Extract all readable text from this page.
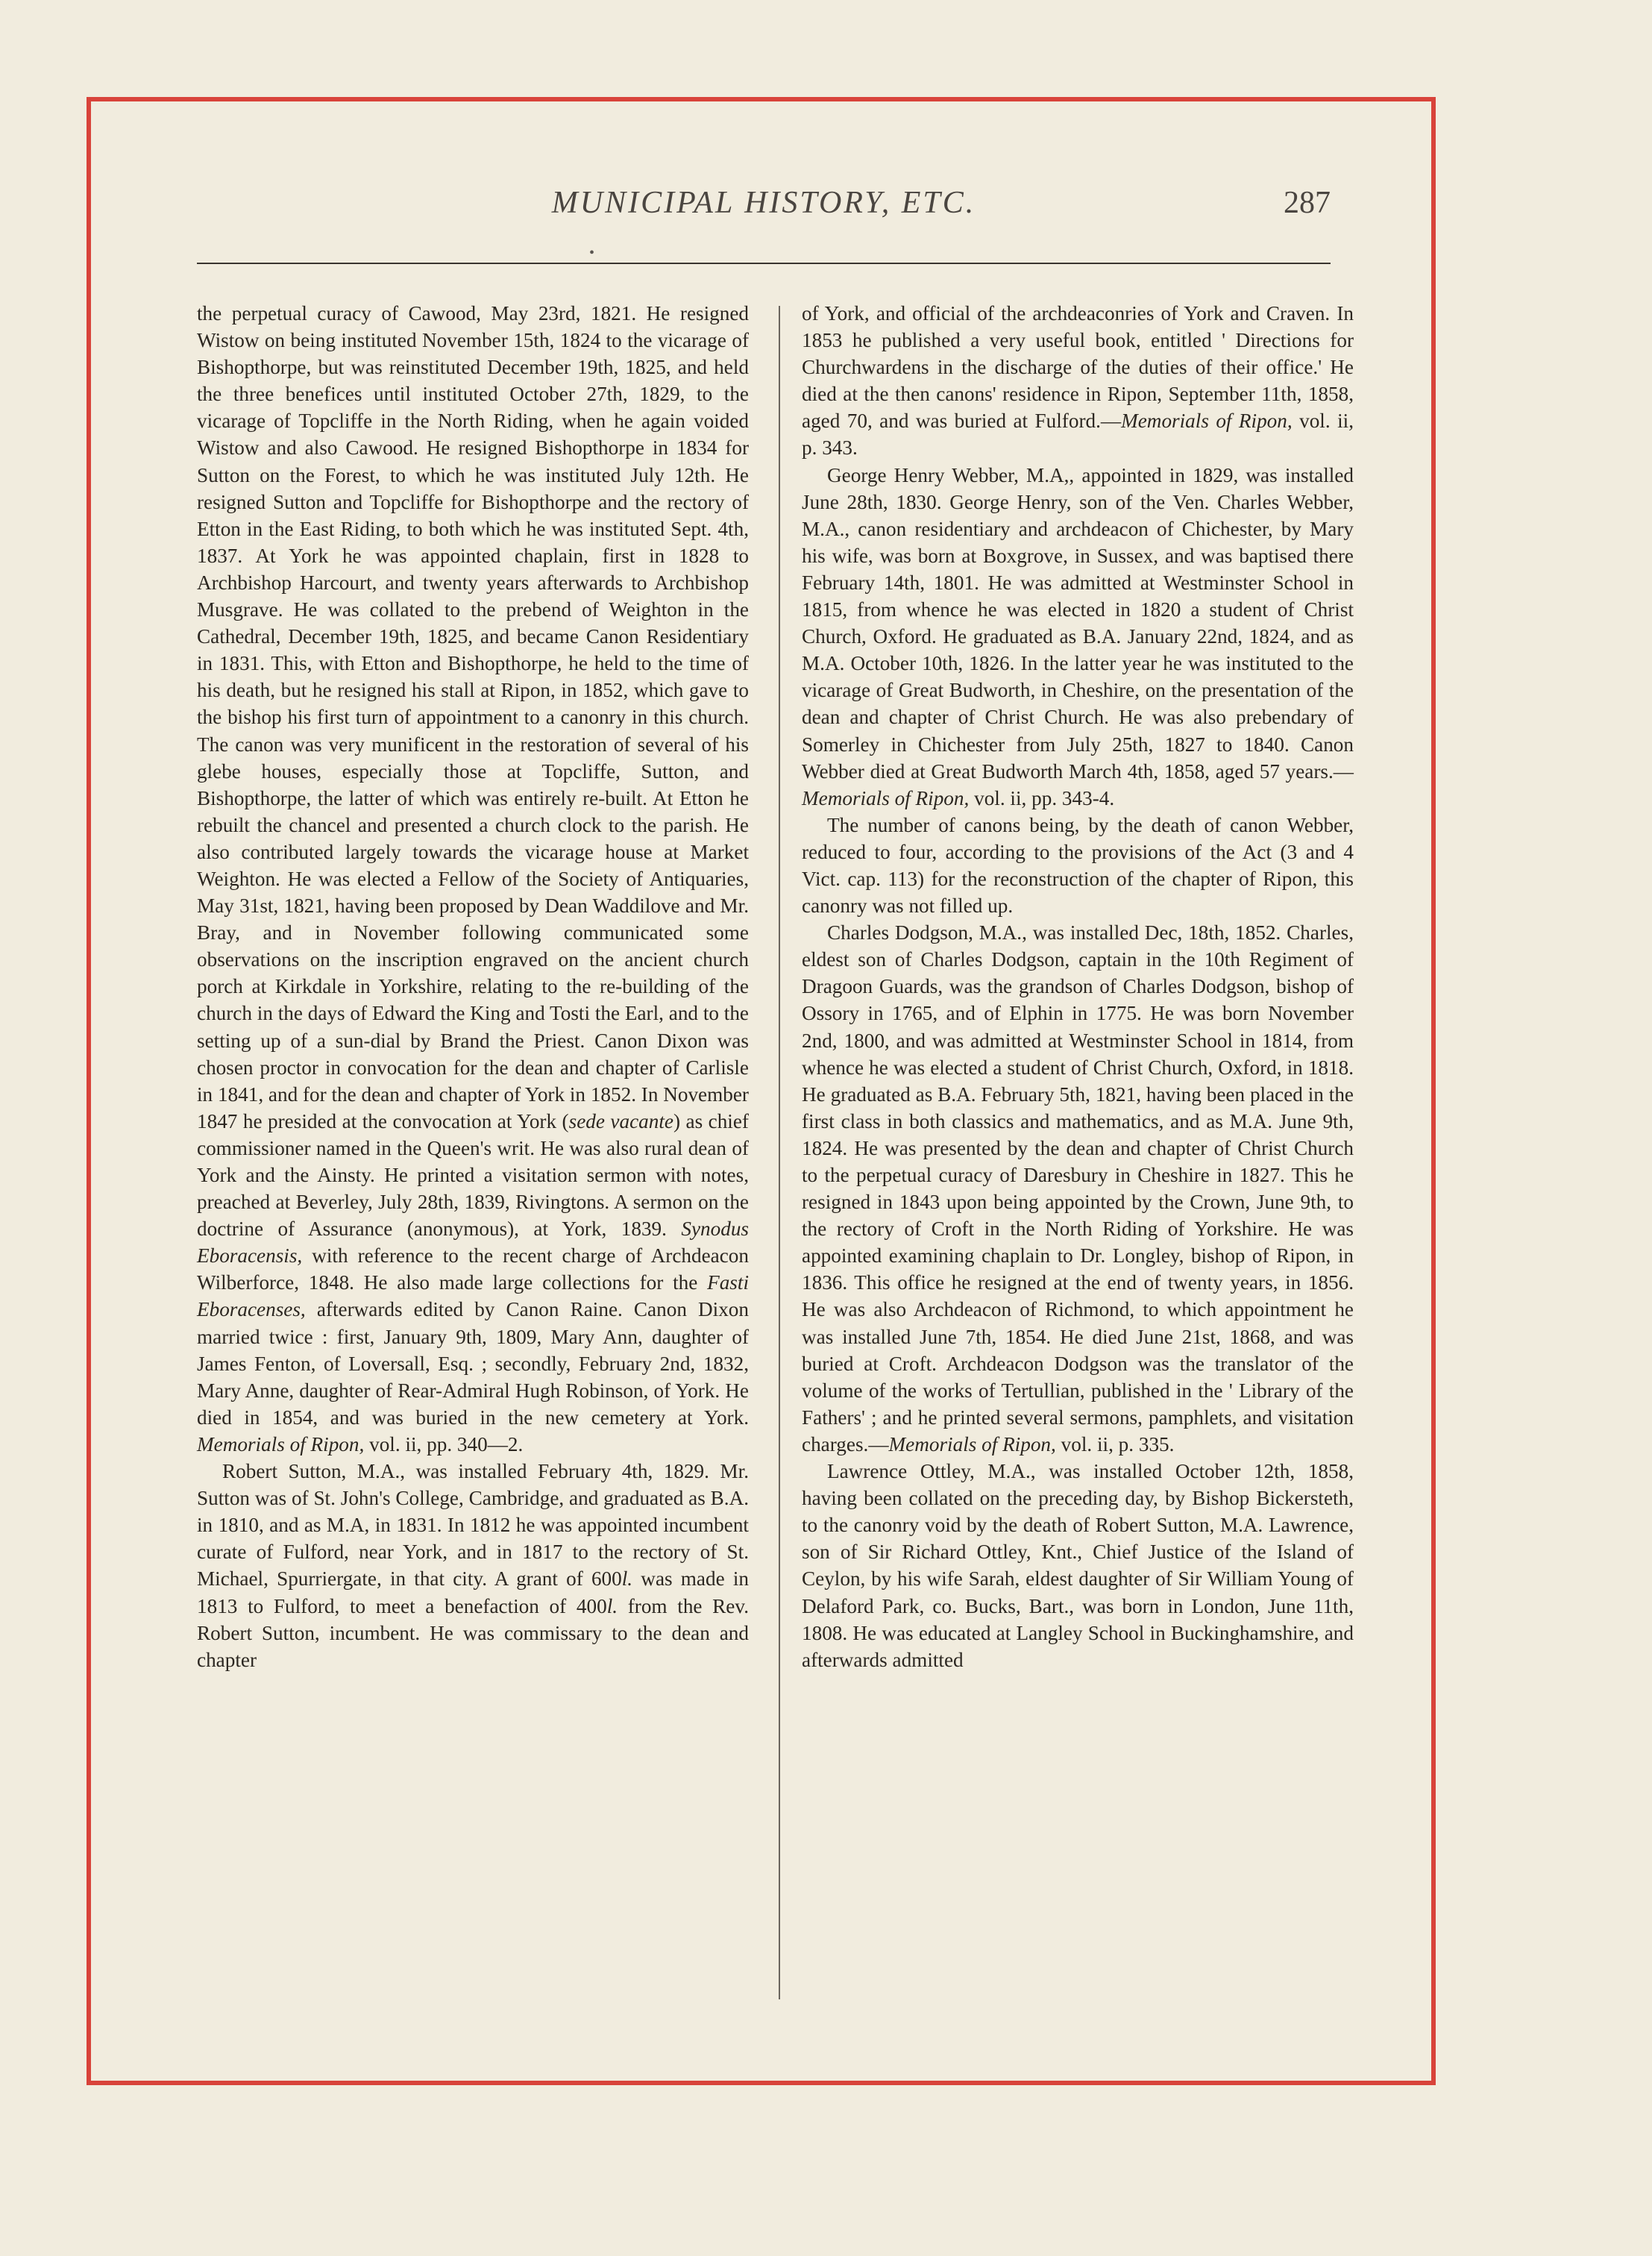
MUNICIPAL HISTORY, ETC.	287
•

the perpetual curacy of Cawood, May 23rd, 1821. He resigned Wistow on being instituted November 15th, 1824 to the vicarage of Bishopthorpe, but was reinstituted December 19th, 1825, and held the three benefices until instituted October 27th, 1829, to the vicarage of Topcliffe in the North Riding, when he again voided Wistow and also Cawood. He resigned Bishopthorpe in 1834 for Sutton on the Forest, to which he was instituted July 12th. He resigned Sutton and Topcliffe for Bishopthorpe and the rectory of Etton in the East Riding, to both which he was instituted Sept. 4th, 1837. At York he was appointed chaplain, first in 1828 to Archbishop Harcourt, and twenty years afterwards to Archbishop Musgrave. He was collated to the prebend of Weighton in the Cathedral, December 19th, 1825, and became Canon Residentiary in 1831. This, with Etton and Bishopthorpe, he held to the time of his death, but he resigned his stall at Ripon, in 1852, which gave to the bishop his first turn of appointment to a canonry in this church. The canon was very munificent in the restoration of several of his glebe houses, especially those at Topcliffe, Sutton, and Bishopthorpe, the latter of which was entirely re-built. At Etton he rebuilt the chancel and presented a church clock to the parish. He also contributed largely towards the vicarage house at Market Weighton. He was elected a Fellow of the Society of Antiquaries, May 31st, 1821, having been proposed by Dean Waddilove and Mr. Bray, and in November following communicated some observations on the inscription engraved on the ancient church porch at Kirkdale in Yorkshire, relating to the re-building of the church in the days of Edward the King and Tosti the Earl, and to the setting up of a sun-dial by Brand the Priest. Canon Dixon was chosen proctor in convocation for the dean and chapter of Carlisle in 1841, and for the dean and chapter of York in 1852. In November 1847 he presided at the convocation at York (sede vacante) as chief commissioner named in the Queen's writ. He was also rural dean of York and the Ainsty. He printed a visitation sermon with notes, preached at Beverley, July 28th, 1839, Rivingtons. A sermon on the doctrine of Assurance (anonymous), at York, 1839. Synodus Eboracensis, with reference to the recent charge of Archdeacon Wilberforce, 1848. He also made large collections for the Fasti Eboracenses, afterwards edited by Canon Raine. Canon Dixon married twice : first, January 9th, 1809, Mary Ann, daughter of James Fenton, of Loversall, Esq. ; secondly, February 2nd, 1832, Mary Anne, daughter of Rear-Admiral Hugh Robinson, of York. He died in 1854, and was buried in the new cemetery at York. Memorials of Ripon, vol. ii, pp. 340—2.

Robert Sutton, M.A., was installed February 4th, 1829. Mr. Sutton was of St. John's College, Cambridge, and graduated as B.A. in 1810, and as M.A, in 1831. In 1812 he was appointed incumbent curate of Fulford, near York, and in 1817 to the rectory of St. Michael, Spurriergate, in that city. A grant of 600l. was made in 1813 to Fulford, to meet a benefaction of 400l. from the Rev. Robert Sutton, incumbent. He was commissary to the dean and chapter

of York, and official of the archdeaconries of York and Craven. In 1853 he published a very useful book, entitled ' Directions for Churchwardens in the discharge of the duties of their office.' He died at the then canons' residence in Ripon, September 11th, 1858, aged 70, and was buried at Fulford.—Memorials of Ripon, vol. ii, p. 343.

George Henry Webber, M.A,, appointed in 1829, was installed June 28th, 1830. George Henry, son of the Ven. Charles Webber, M.A., canon residentiary and archdeacon of Chichester, by Mary his wife, was born at Boxgrove, in Sussex, and was baptised there February 14th, 1801. He was admitted at Westminster School in 1815, from whence he was elected in 1820 a student of Christ Church, Oxford. He graduated as B.A. January 22nd, 1824, and as M.A. October 10th, 1826. In the latter year he was instituted to the vicarage of Great Budworth, in Cheshire, on the presentation of the dean and chapter of Christ Church. He was also prebendary of Somerley in Chichester from July 25th, 1827 to 1840. Canon Webber died at Great Budworth March 4th, 1858, aged 57 years.—Memorials of Ripon, vol. ii, pp. 343-4.

The number of canons being, by the death of canon Webber, reduced to four, according to the provisions of the Act (3 and 4 Vict. cap. 113) for the reconstruction of the chapter of Ripon, this canonry was not filled up.

Charles Dodgson, M.A., was installed Dec, 18th, 1852. Charles, eldest son of Charles Dodgson, captain in the 10th Regiment of Dragoon Guards, was the grandson of Charles Dodgson, bishop of Ossory in 1765, and of Elphin in 1775. He was born November 2nd, 1800, and was admitted at Westminster School in 1814, from whence he was elected a student of Christ Church, Oxford, in 1818. He graduated as B.A. February 5th, 1821, having been placed in the first class in both classics and mathematics, and as M.A. June 9th, 1824. He was presented by the dean and chapter of Christ Church to the perpetual curacy of Daresbury in Cheshire in 1827. This he resigned in 1843 upon being appointed by the Crown, June 9th, to the rectory of Croft in the North Riding of Yorkshire. He was appointed examining chaplain to Dr. Longley, bishop of Ripon, in 1836. This office he resigned at the end of twenty years, in 1856. He was also Archdeacon of Richmond, to which appointment he was installed June 7th, 1854. He died June 21st, 1868, and was buried at Croft. Archdeacon Dodgson was the translator of the volume of the works of Tertullian, published in the ' Library of the Fathers' ; and he printed several sermons, pamphlets, and visitation charges.—Memorials of Ripon, vol. ii, p. 335.

Lawrence Ottley, M.A., was installed October 12th, 1858, having been collated on the preceding day, by Bishop Bickersteth, to the canonry void by the death of Robert Sutton, M.A. Lawrence, son of Sir Richard Ottley, Knt., Chief Justice of the Island of Ceylon, by his wife Sarah, eldest daughter of Sir William Young of Delaford Park, co. Bucks, Bart., was born in London, June 11th, 1808. He was educated at Langley School in Buckinghamshire, and afterwards admitted
